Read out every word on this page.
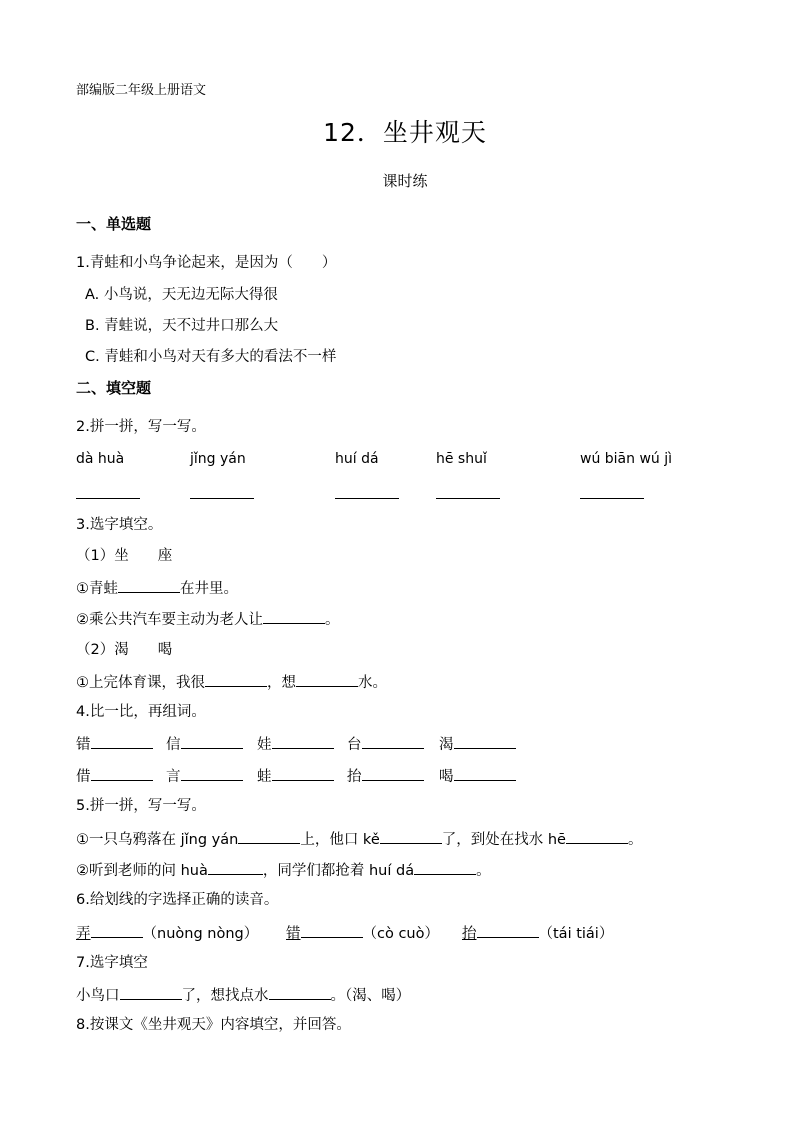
部编版二年级上册语文
12．坐井观天
课时练
一、单选题
1.青蛙和小鸟争论起来，是因为（　　）
A. 小鸟说，天无边无际大得很
B. 青蛙说，天不过井口那么大
C. 青蛙和小鸟对天有多大的看法不一样
二、填空题
2.拼一拼，写一写。
dà huà	jǐng yán	huí dá	hē shuǐ	wú biān wú jì
3.选字填空。
（1）坐　　座
①青蛙	在井里。
②乘公共汽车要主动为老人让	。
（2）渴　　喝
①上完体育课，我很	，想	水。
4.比一比，再组词。
错	信	娃	台	渴
借	言	蛙	抬	喝
5.拼一拼，写一写。
①一只乌鸦落在 jǐng yán	上，他口 kě	了，到处在找水 hē	。
②听到老师的问 huà	，同学们都抢着 huí dá	。
6.给划线的字选择正确的读音。
弄	（nuòng nòng） 错	（cò cuò） 抬	（tái tiái）
7.选字填空
小鸟口	了，想找点水	。（渴、喝）
8.按课文《坐井观天》内容填空，并回答。
